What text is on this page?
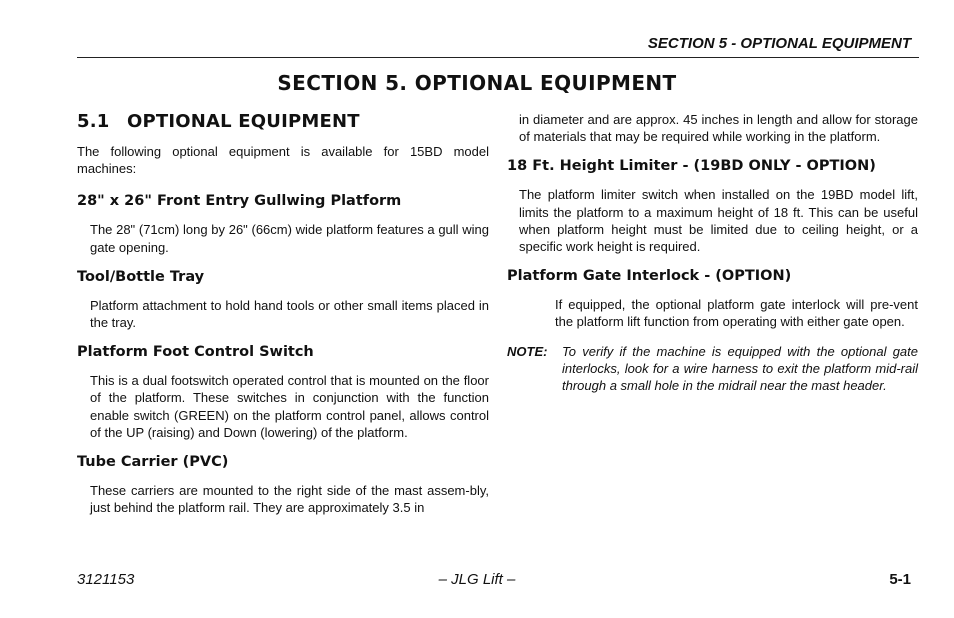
SECTION 5 - OPTIONAL EQUIPMENT
SECTION 5. OPTIONAL EQUIPMENT
5.1 OPTIONAL EQUIPMENT

The following optional equipment is available for 15BD model machines:

28" x 26" Front Entry Gullwing Platform

The 28" (71cm) long by 26" (66cm) wide platform features a gull wing gate opening.

Tool/Bottle Tray

Platform attachment to hold hand tools or other small items placed in the tray.

Platform Foot Control Switch

This is a dual footswitch operated control that is mounted on the floor of the platform. These switches in conjunction with the function enable switch (GREEN) on the platform control panel, allows control of the UP (raising) and Down (lowering) of the platform.

Tube Carrier (PVC)

These carriers are mounted to the right side of the mast assem-bly, just behind the platform rail. They are approximately 3.5 in

in diameter and are approx. 45 inches in length and allow for storage of materials that may be required while working in the platform.

18 Ft. Height Limiter - (19BD ONLY - OPTION)

The platform limiter switch when installed on the 19BD model lift, limits the platform to a maximum height of 18 ft. This can be useful when platform height must be limited due to ceiling height, or a specific work height is required.

Platform Gate Interlock - (OPTION)

If equipped, the optional platform gate interlock will pre-vent the platform lift function from operating with either gate open.

NOTE:	To verify if the machine is equipped with the optional gate interlocks, look for a wire harness to exit the platform mid-rail through a small hole in the midrail near the mast header.
3121153	– JLG Lift –	5-1
